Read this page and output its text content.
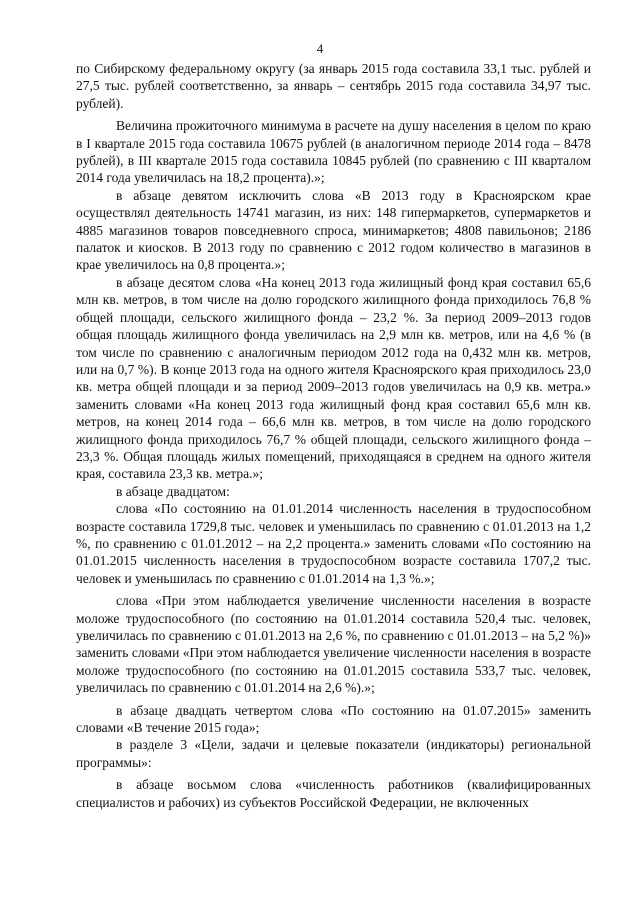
4

по Сибирскому федеральному округу (за январь 2015 года составила 33,1 тыс. рублей и 27,5 тыс. рублей соответственно, за январь – сентябрь 2015 года составила 34,97 тыс. рублей).

Величина прожиточного минимума в расчете на душу населения в целом по краю в I квартале 2015 года составила 10675 рублей (в аналогичном периоде 2014 года – 8478 рублей), в III квартале 2015 года составила 10845 рублей (по сравнению с III кварталом 2014 года увеличилась на 18,2 процента).»;

в абзаце девятом исключить слова «В 2013 году в Красноярском крае осуществлял деятельность 14741 магазин, из них: 148 гипермаркетов, супермаркетов и 4885 магазинов товаров повседневного спроса, минимаркетов; 4808 павильонов; 2186 палаток и киосков. В 2013 году по сравнению с 2012 годом количество в магазинов в крае увеличилось на 0,8 процента.»;

в абзаце десятом слова «На конец 2013 года жилищный фонд края составил 65,6 млн кв. метров, в том числе на долю городского жилищного фонда приходилось 76,8 % общей площади, сельского жилищного фонда – 23,2 %. За период 2009–2013 годов общая площадь жилищного фонда увеличилась на 2,9 млн кв. метров, или на 4,6 % (в том числе по сравнению с аналогичным периодом 2012 года на 0,432 млн кв. метров, или на 0,7 %). В конце 2013 года на одного жителя Красноярского края приходилось 23,0 кв. метра общей площади и за период 2009–2013 годов увеличилась на 0,9 кв. метра.» заменить словами «На конец 2013 года жилищный фонд края составил 65,6 млн кв. метров, на конец 2014 года – 66,6 млн кв. метров, в том числе на долю городского жилищного фонда приходилось 76,7 % общей площади, сельского жилищного фонда – 23,3 %. Общая площадь жилых помещений, приходящаяся в среднем на одного жителя края, составила 23,3 кв. метра.»;

в абзаце двадцатом:

слова «По состоянию на 01.01.2014 численность населения в трудоспособном возрасте составила 1729,8 тыс. человек и уменьшилась по сравнению с 01.01.2013 на 1,2 %, по сравнению с 01.01.2012 – на 2,2 процента.» заменить словами «По состоянию на 01.01.2015 численность населения в трудоспособном возрасте составила 1707,2 тыс. человек и уменьшилась по сравнению с 01.01.2014 на 1,3 %.»;

слова «При этом наблюдается увеличение численности населения в возрасте моложе трудоспособного (по состоянию на 01.01.2014 составила 520,4 тыс. человек, увеличилась по сравнению с 01.01.2013 на 2,6 %, по сравнению с 01.01.2013 – на 5,2 %)» заменить словами «При этом наблюдается увеличение численности населения в возрасте моложе трудоспособного (по состоянию на 01.01.2015 составила 533,7 тыс. человек, увеличилась по сравнению с 01.01.2014 на 2,6 %).»;

в абзаце двадцать четвертом слова «По состоянию на 01.07.2015» заменить словами «В течение 2015 года»;

в разделе 3 «Цели, задачи и целевые показатели (индикаторы) региональной программы»:

в абзаце восьмом слова «численность работников (квалифицированных специалистов и рабочих) из субъектов Российской Федерации, не включенных
